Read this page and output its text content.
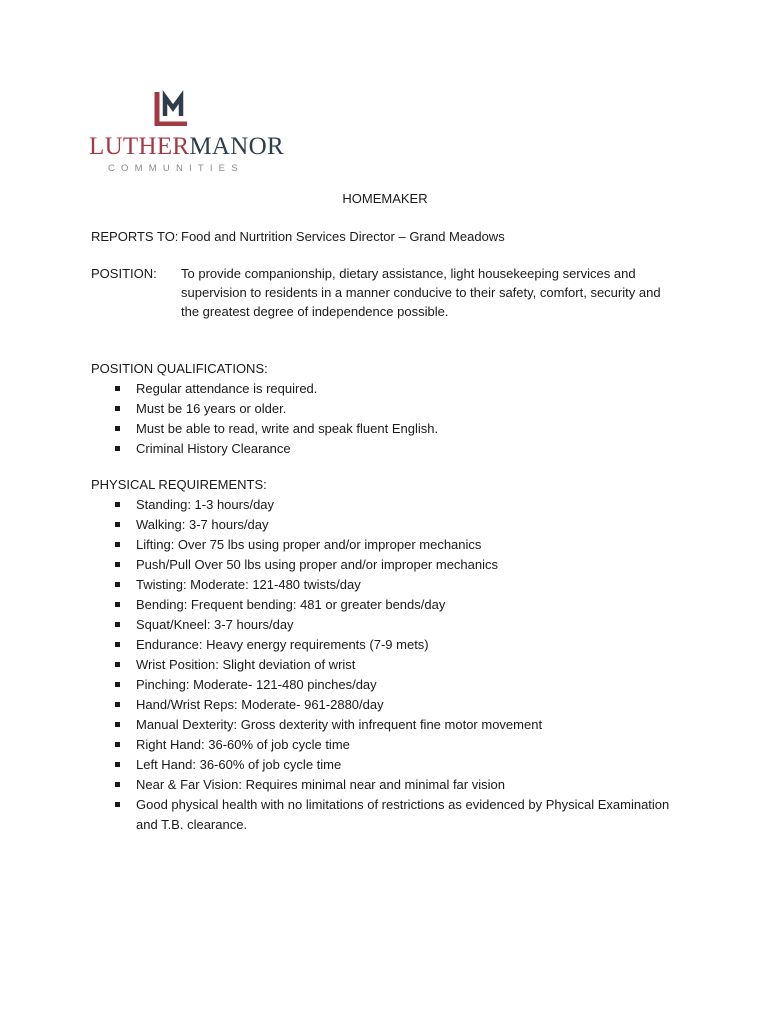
LUTHERMANOR
COMMUNITIES
HOMEMAKER
REPORTS TO: Food and Nurtrition Services Director – Grand Meadows
POSITION: To provide companionship, dietary assistance, light housekeeping services and supervision to residents in a manner conducive to their safety, comfort, security and the greatest degree of independence possible.
POSITION QUALIFICATIONS:
Regular attendance is required.
Must be 16 years or older.
Must be able to read, write and speak fluent English.
Criminal History Clearance
PHYSICAL REQUIREMENTS:
Standing: 1-3 hours/day
Walking: 3-7 hours/day
Lifting: Over 75 lbs using proper and/or improper mechanics
Push/Pull Over 50 lbs using proper and/or improper mechanics
Twisting: Moderate: 121-480 twists/day
Bending: Frequent bending: 481 or greater bends/day
Squat/Kneel: 3-7 hours/day
Endurance: Heavy energy requirements (7-9 mets)
Wrist Position: Slight deviation of wrist
Pinching: Moderate- 121-480 pinches/day
Hand/Wrist Reps: Moderate- 961-2880/day
Manual Dexterity: Gross dexterity with infrequent fine motor movement
Right Hand: 36-60% of job cycle time
Left Hand: 36-60% of job cycle time
Near & Far Vision: Requires minimal near and minimal far vision
Good physical health with no limitations of restrictions as evidenced by Physical Examination and T.B. clearance.
